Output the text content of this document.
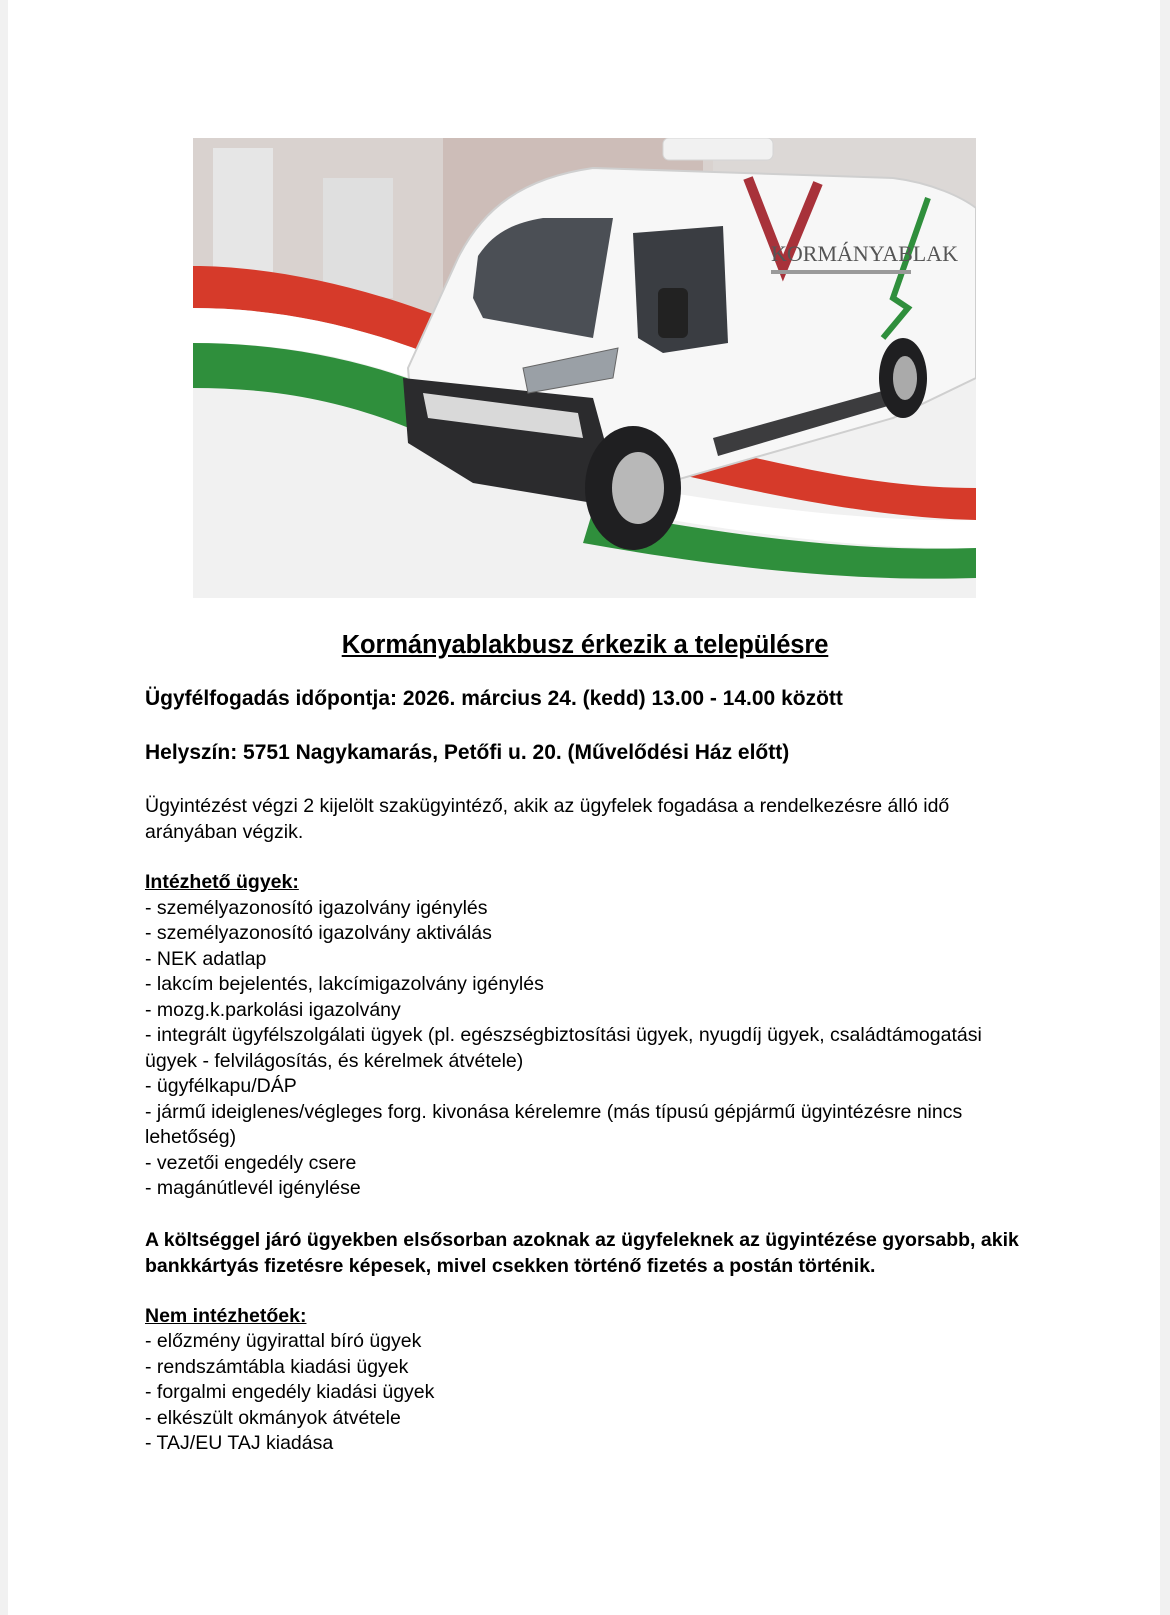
KORMÁNYABLAK
Kormányablakbusz érkezik a településre

Ügyfélfogadás időpontja: 2026. március 24. (kedd) 13.00 - 14.00 között

Helyszín: 5751 Nagykamarás, Petőfi u. 20. (Művelődési Ház előtt)

Ügyintézést végzi 2 kijelölt szakügyintéző, akik az ügyfelek fogadása a rendelkezésre álló idő arányában végzik.

Intézhető ügyek:

- személyazonosító igazolvány igénylés
- személyazonosító igazolvány aktiválás
- NEK adatlap
- lakcím bejelentés, lakcímigazolvány igénylés
- mozg.k.parkolási igazolvány
- integrált ügyfélszolgálati ügyek (pl. egészségbiztosítási ügyek, nyugdíj ügyek, családtámogatási ügyek - felvilágosítás, és kérelmek átvétele)
- ügyfélkapu/DÁP
- jármű ideiglenes/végleges forg. kivonása kérelemre (más típusú gépjármű ügyintézésre nincs lehetőség)
- vezetői engedély csere
- magánútlevél igénylése

A költséggel járó ügyekben elsősorban azoknak az ügyfeleknek az ügyintézése gyorsabb, akik bankkártyás fizetésre képesek, mivel csekken történő fizetés a postán történik.

Nem intézhetőek:

- előzmény ügyirattal bíró ügyek
- rendszámtábla kiadási ügyek
- forgalmi engedély kiadási ügyek
- elkészült okmányok átvétele
- TAJ/EU TAJ kiadása
